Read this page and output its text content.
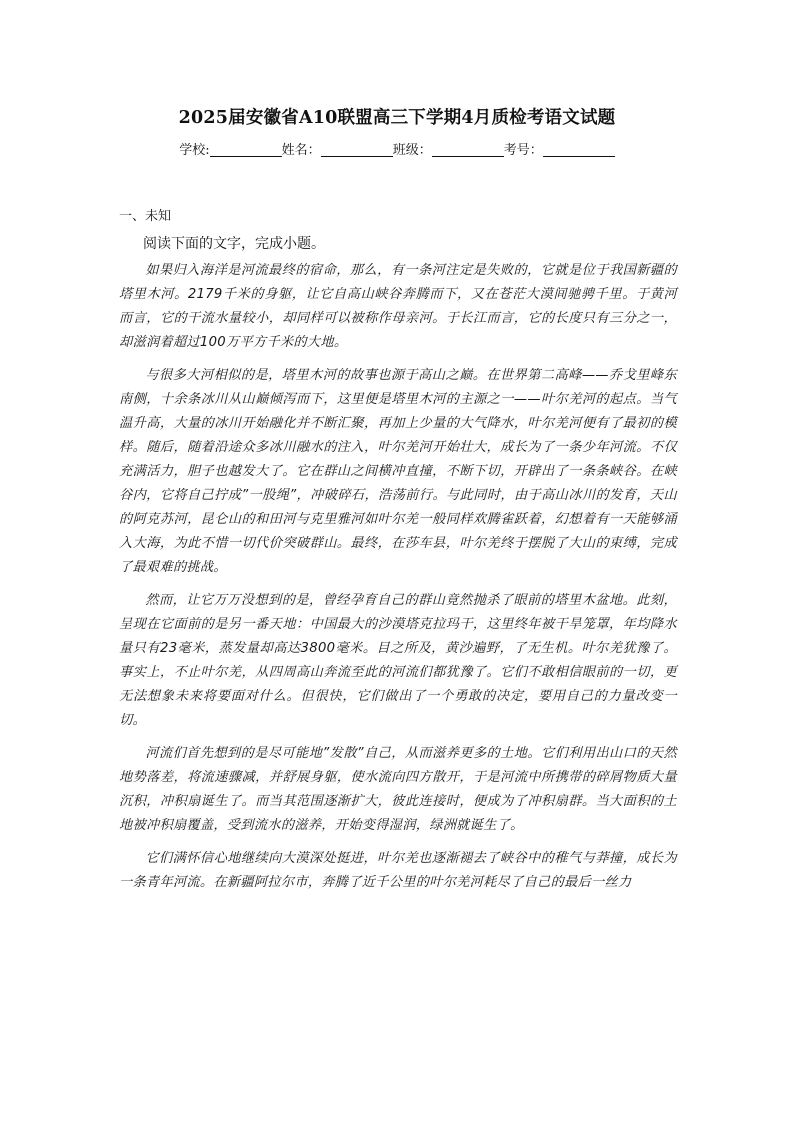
2025届安徽省A10联盟高三下学期4月质检考语文试题
学校:	姓名：	班级：	考号：
一、未知
阅读下面的文字，完成小题。

如果归入海洋是河流最终的宿命，那么，有一条河注定是失败的，它就是位于我国新疆的塔里木河。2179千米的身躯，让它自高山峡谷奔腾而下，又在苍茫大漠间驰骋千里。于黄河而言，它的干流水量较小，却同样可以被称作母亲河。于长江而言，它的长度只有三分之一，却滋润着超过100万平方千米的大地。

与很多大河相似的是，塔里木河的故事也源于高山之巅。在世界第二高峰——乔戈里峰东南侧，十余条冰川从山巅倾泻而下，这里便是塔里木河的主源之一——叶尔羌河的起点。当气温升高，大量的冰川开始融化并不断汇聚，再加上少量的大气降水，叶尔羌河便有了最初的模样。随后，随着沿途众多冰川融水的注入，叶尔羌河开始壮大，成长为了一条少年河流。不仅充满活力，胆子也越发大了。它在群山之间横冲直撞，不断下切，开辟出了一条条峡谷。在峡谷内，它将自己拧成”一股绳”，冲破碎石，浩荡前行。与此同时，由于高山冰川的发育，天山的阿克苏河，昆仑山的和田河与克里雅河如叶尔羌一般同样欢腾雀跃着，幻想着有一天能够涌入大海，为此不惜一切代价突破群山。最终，在莎车县，叶尔羌终于摆脱了大山的束缚，完成了最艰难的挑战。

然而，让它万万没想到的是，曾经孕育自己的群山竟然抛杀了眼前的塔里木盆地。此刻，呈现在它面前的是另一番天地：中国最大的沙漠塔克拉玛干，这里终年被干旱笼罩，年均降水量只有23毫米，蒸发量却高达3800毫米。目之所及，黄沙遍野，了无生机。叶尔羌犹豫了。事实上，不止叶尔羌，从四周高山奔流至此的河流们都犹豫了。它们不敢相信眼前的一切，更无法想象未来将要面对什么。但很快，它们做出了一个勇敢的决定，要用自己的力量改变一切。

河流们首先想到的是尽可能地”发散”自己，从而滋养更多的土地。它们利用出山口的天然地势落差，将流速骤减，并舒展身躯，使水流向四方散开，于是河流中所携带的碎屑物质大量沉积，冲积扇诞生了。而当其范围逐渐扩大，彼此连接时，便成为了冲积扇群。当大面积的土地被冲积扇覆盖，受到流水的滋养，开始变得湿润，绿洲就诞生了。

它们满怀信心地继续向大漠深处挺进，叶尔羌也逐渐褪去了峡谷中的稚气与莽撞，成长为一条青年河流。在新疆阿拉尔市，奔腾了近千公里的叶尔羌河耗尽了自己的最后一丝力
